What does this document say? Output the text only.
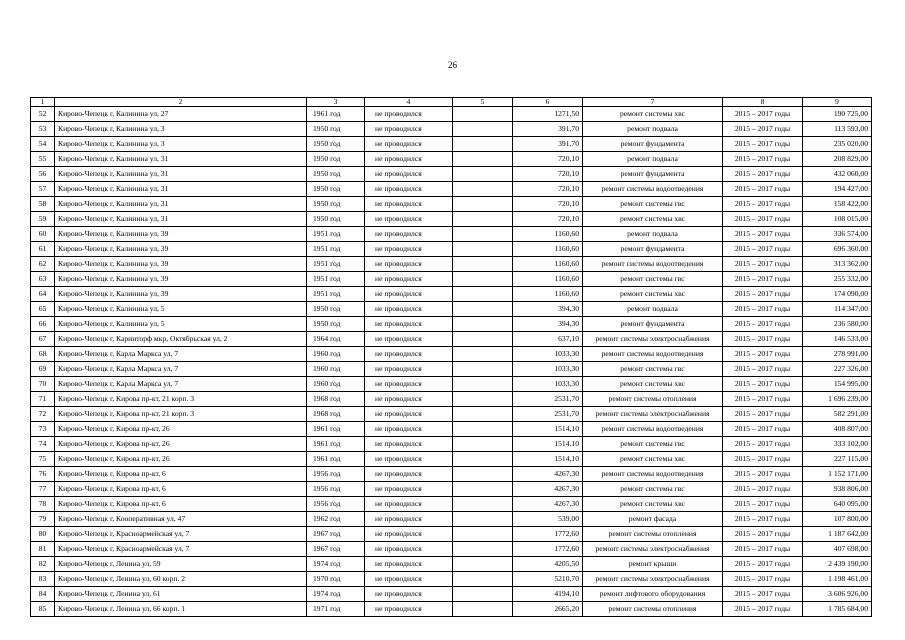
26
1	2	3	4	5	6	7	8	9
52	Кирово-Чепецк г, Калинина ул, 27	1961 год	не проводился		1271,50	ремонт системы хвс	2015 – 2017 годы	190 725,00
53	Кирово-Чепецк г, Калинина ул, 3	1950 год	не проводился		391,70	ремонт подвала	2015 – 2017 годы	113 593,00
54	Кирово-Чепецк г, Калинина ул, 3	1950 год	не проводился		391,70	ремонт фундамента	2015 – 2017 годы	235 020,00
55	Кирово-Чепецк г, Калинина ул, 31	1950 год	не проводился		720,10	ремонт подвала	2015 – 2017 годы	208 829,00
56	Кирово-Чепецк г, Калинина ул, 31	1950 год	не проводился		720,10	ремонт фундамента	2015 – 2017 годы	432 060,00
57	Кирово-Чепецк г, Калинина ул, 31	1950 год	не проводился		720,10	ремонт системы водоотведения	2015 – 2017 годы	194 427,00
58	Кирово-Чепецк г, Калинина ул, 31	1950 год	не проводился		720,10	ремонт системы гвс	2015 – 2017 годы	158 422,00
59	Кирово-Чепецк г, Калинина ул, 31	1950 год	не проводился		720,10	ремонт системы хвс	2015 – 2017 годы	108 015,00
60	Кирово-Чепецк г, Калинина ул, 39	1951 год	не проводился		1160,60	ремонт подвала	2015 – 2017 годы	336 574,00
61	Кирово-Чепецк г, Калинина ул, 39	1951 год	не проводился		1160,60	ремонт фундамента	2015 – 2017 годы	696 360,00
62	Кирово-Чепецк г, Калинина ул, 39	1951 год	не проводился		1160,60	ремонт системы водоотведения	2015 – 2017 годы	313 362,00
63	Кирово-Чепецк г, Калинина ул, 39	1951 год	не проводился		1160,60	ремонт системы гвс	2015 – 2017 годы	255 332,00
64	Кирово-Чепецк г, Калинина ул, 39	1951 год	не проводился		1160,60	ремонт системы хвс	2015 – 2017 годы	174 090,00
65	Кирово-Чепецк г, Калинина ул, 5	1950 год	не проводился		394,30	ремонт подвала	2015 – 2017 годы	114 347,00
66	Кирово-Чепецк г, Калинина ул, 5	1950 год	не проводился		394,30	ремонт фундамента	2015 – 2017 годы	236 580,00
67	Кирово-Чепецк г, Каринторф мкр, Октябрьская ул, 2	1964 год	не проводился		637,10	ремонт системы электроснабжения	2015 – 2017 годы	146 533,00
68	Кирово-Чепецк г, Карла Маркса ул, 7	1960 год	не проводился		1033,30	ремонт системы водоотведения	2015 – 2017 годы	278 991,00
69	Кирово-Чепецк г, Карла Маркса ул, 7	1960 год	не проводился		1033,30	ремонт системы гвс	2015 – 2017 годы	227 326,00
70	Кирово-Чепецк г, Карла Маркса ул, 7	1960 год	не проводился		1033,30	ремонт системы хвс	2015 – 2017 годы	154 995,00
71	Кирово-Чепецк г, Кирова пр-кт, 21 корп. 3	1968 год	не проводился		2531,70	ремонт системы отопления	2015 – 2017 годы	1 696 239,00
72	Кирово-Чепецк г, Кирова пр-кт, 21 корп. 3	1968 год	не проводился		2531,70	ремонт системы электроснабжения	2015 – 2017 годы	582 291,00
73	Кирово-Чепецк г, Кирова пр-кт, 26	1961 год	не проводился		1514,10	ремонт системы водоотведения	2015 – 2017 годы	408 807,00
74	Кирово-Чепецк г, Кирова пр-кт, 26	1961 год	не проводился		1514,10	ремонт системы гвс	2015 – 2017 годы	333 102,00
75	Кирово-Чепецк г, Кирова пр-кт, 26	1961 год	не проводился		1514,10	ремонт системы хвс	2015 – 2017 годы	227 115,00
76	Кирово-Чепецк г, Кирова пр-кт, 6	1956 год	не проводился		4267,30	ремонт системы водоотведения	2015 – 2017 годы	1 152 171,00
77	Кирово-Чепецк г, Кирова пр-кт, 6	1956 год	не проводился		4267,30	ремонт системы гвс	2015 – 2017 годы	938 806,00
78	Кирово-Чепецк г, Кирова пр-кт, 6	1956 год	не проводился		4267,30	ремонт системы хвс	2015 – 2017 годы	640 095,00
79	Кирово-Чепецк г, Кооперативная ул, 47	1962 год	не проводился		539,00	ремонт фасада	2015 – 2017 годы	107 800,00
80	Кирово-Чепецк г, Красноармейская ул, 7	1967 год	не проводился		1772,60	ремонт системы отопления	2015 – 2017 годы	1 187 642,00
81	Кирово-Чепецк г, Красноармейская ул, 7	1967 год	не проводился		1772,60	ремонт системы электроснабжения	2015 – 2017 годы	407 698,00
82	Кирово-Чепецк г, Ленина ул, 59	1974 год	не проводился		4205,50	ремонт крыши	2015 – 2017 годы	2 439 190,00
83	Кирово-Чепецк г, Ленина ул, 60 корп. 2	1970 год	не проводился		5210,70	ремонт системы электроснабжения	2015 – 2017 годы	1 198 461,00
84	Кирово-Чепецк г, Ленина ул, 61	1974 год	не проводился		4194,10	ремонт лифтового оборудования	2015 – 2017 годы	3 606 926,00
85	Кирово-Чепецк г, Ленина ул, 66 корп. 1	1971 год	не проводился		2665,20	ремонт системы отопления	2015 – 2017 годы	1 785 684,00
